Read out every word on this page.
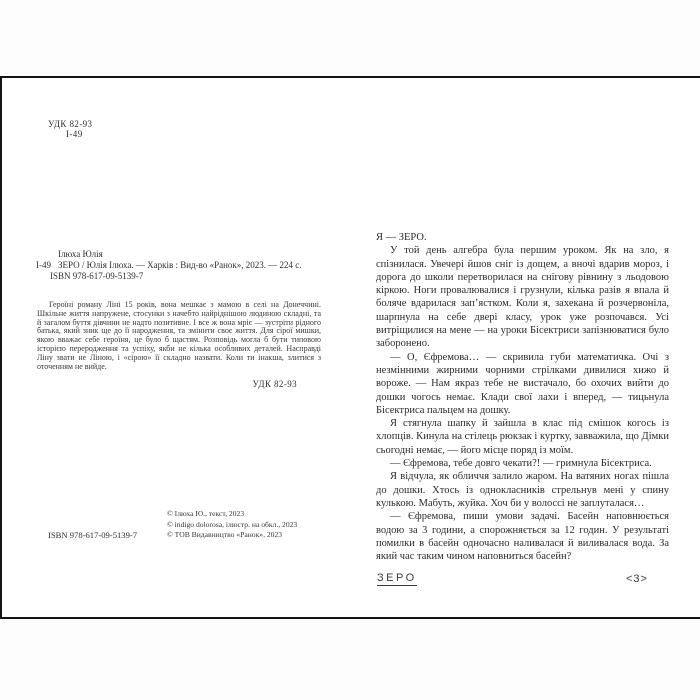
УДК 82-93
І-49
Ілюха Юлія
І-49 ЗЕРО / Юлія Ілюха. — Харків : Вид-во «Ранок», 2023. — 224 с.
ISBN 978-617-09-5139-7
Героїні роману Ліні 15 років, вона мешкає з мамою в селі на Донеччині. Шкільне життя напружене, стосунки з начебто найріднішою людиною складні, та й загалом буття дівчини не надто позитивне. І все ж вона мріє — зустріти рідного батька, який зник ще до її народження, та змінити своє життя. Для сірої мишки, якою вважає себе героїня, це було б щастям. Розповідь могла б бути типовою історією переродження та успіху, якби не кілька особливих деталей. Насправді Ліну звати не Ліною, і «сірою» її складно назвати. Коли ти інакша, злитися з оточенням не вийде.
УДК 82-93
© Ілюха Ю., текст, 2023
© indigo dolorosa, ілюстр. на обкл., 2023
© ТОВ Видавництво «Ранок», 2023
ISBN 978-617-09-5139-7

Я — ЗЕРО.

У той день алгебра була першим уроком. Як на зло, я спізнилася. Увечері йшов сніг із дощем, а вночі вдарив мороз, і дорога до школи перетворилася на снігову рівнину з льодовою кіркою. Ноги провалювалися і грузнули, кілька разів я впала й боляче вдарилася зап’ястком. Коли я, захекана й розчервоніла, шарпнула на себе двері класу, урок уже розпочався. Усі витріщилися на мене — на уроки Бісектриси запізнюватися було заборонено.

— О, Єфремова… — скривила губи математичка. Очі з незмінними жирними чорними стрілками дивилися хижо й вороже. — Нам якраз тебе не вистачало, бо охочих вийти до дошки чогось немає. Клади свої лахи і вперед, — тицьнула Бісектриса пальцем на дошку.

Я стягнула шапку й зайшла в клас під смішок когось із хлопців. Кинула на стілець рюкзак і куртку, завважила, що Дімки сьогодні немає, — його місце поряд із моїм.

— Єфремова, тебе довго чекати?! — гримнула Бісектриса.

Я відчула, як обличчя залило жаром. На ватяних ногах пішла до дошки. Хтось із однокласників стрельнув мені у спину кулькою. Мабуть, жуйка. Хоч би у волоссі не заплуталася…

— Єфремова, пиши умови задачі. Басейн наповнюється водою за 3 години, а спорожняється за 12 годин. У результаті помилки в басейн одночасно наливалася й виливалася вода. За який час таким чином наповниться басейн?

ЗЕРО	<3>
